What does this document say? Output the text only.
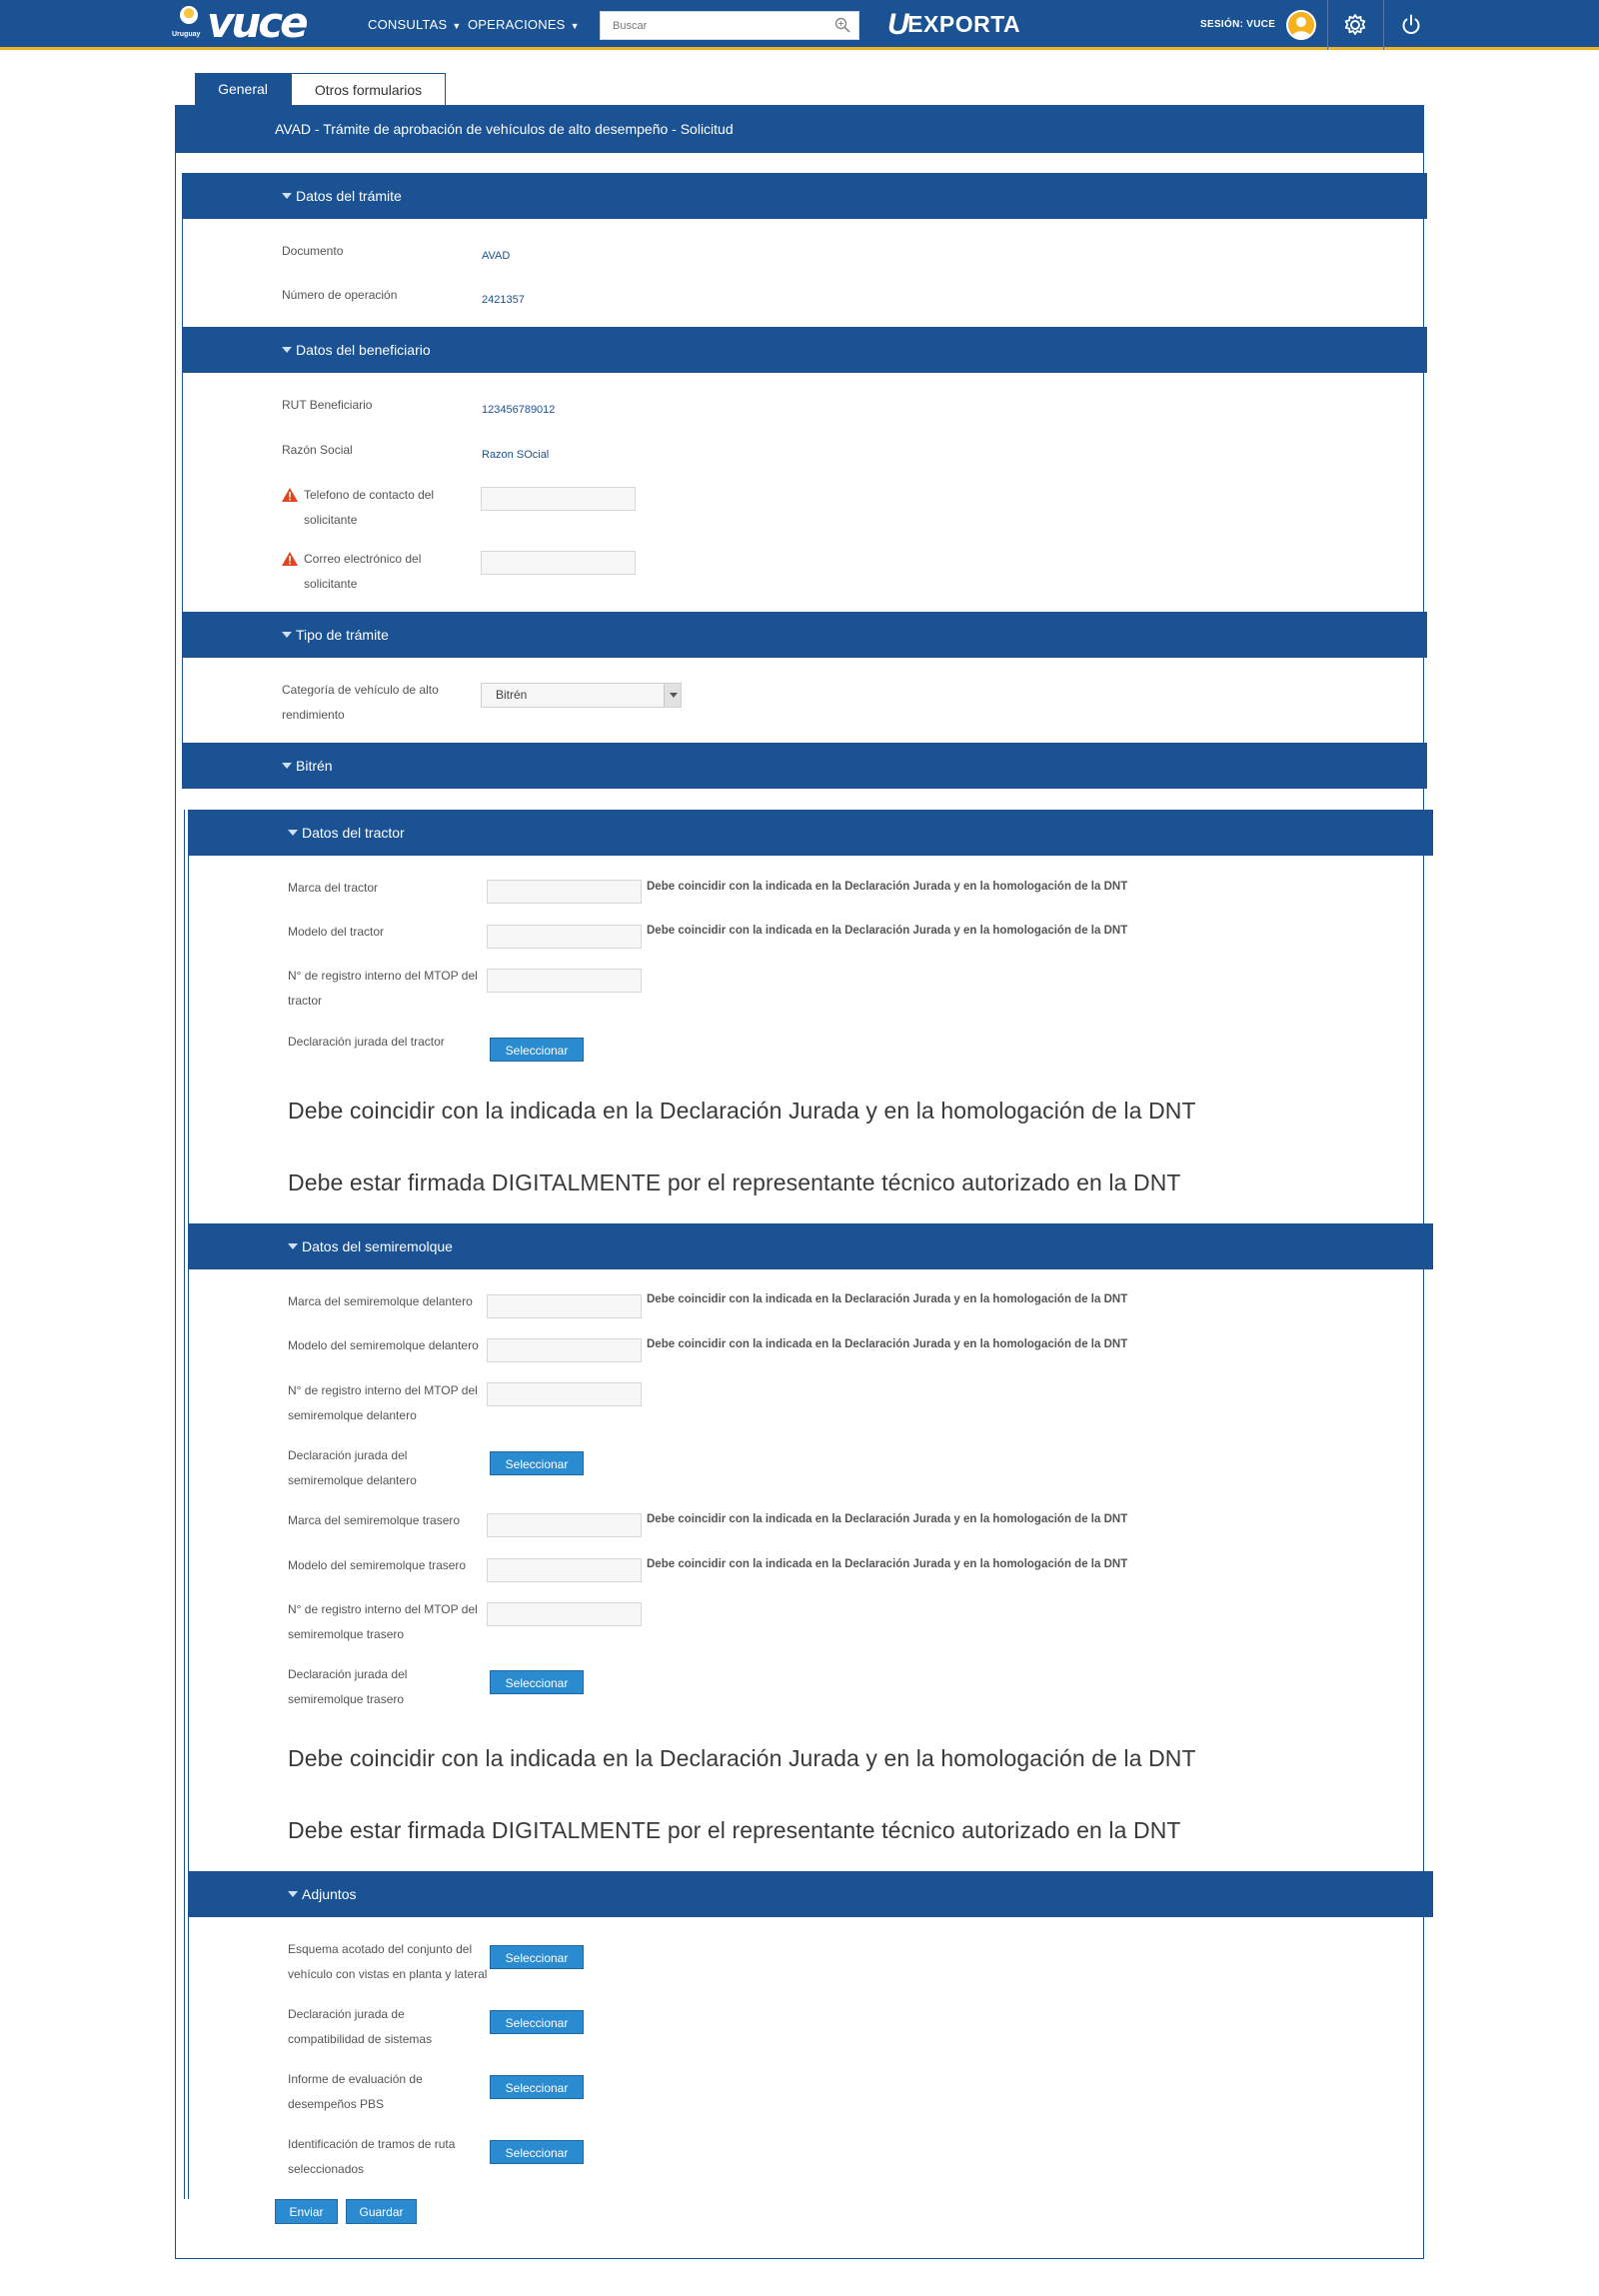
Uruguay vuce	CONSULTAS ▼ OPERACIONES ▼
Buscar	UEXPORTA	SESIÓN: VUCE
General	Otros formularios
AVAD - Trámite de aprobación de vehículos de alto desempeño - Solicitud
Datos del trámite
Documento	AVAD
Número de operación	2421357
Datos del beneficiario
RUT Beneficiario	123456789012
Razón Social	Razon SOcial
Telefono de contacto del
solicitante
Correo electrónico del
solicitante
Tipo de trámite
Categoría de vehículo de alto
rendimiento
Bitrén
Bitrén
Datos del tractor
Marca del tractor	Debe coincidir con la indicada en la Declaración Jurada y en la homologación de la DNT
Modelo del tractor	Debe coincidir con la indicada en la Declaración Jurada y en la homologación de la DNT
N° de registro interno del MTOP del
tractor
Declaración jurada del tractor
Seleccionar
Debe coincidir con la indicada en la Declaración Jurada y en la homologación de la DNT
Debe estar firmada DIGITALMENTE por el representante técnico autorizado en la DNT
Datos del semiremolque
Marca del semiremolque delantero	Debe coincidir con la indicada en la Declaración Jurada y en la homologación de la DNT
Modelo del semiremolque delantero	Debe coincidir con la indicada en la Declaración Jurada y en la homologación de la DNT
N° de registro interno del MTOP del
semiremolque delantero
Declaración jurada del
semiremolque delantero
Seleccionar
Marca del semiremolque trasero	Debe coincidir con la indicada en la Declaración Jurada y en la homologación de la DNT
Modelo del semiremolque trasero	Debe coincidir con la indicada en la Declaración Jurada y en la homologación de la DNT
N° de registro interno del MTOP del
semiremolque trasero
Declaración jurada del
semiremolque trasero
Seleccionar
Debe coincidir con la indicada en la Declaración Jurada y en la homologación de la DNT
Debe estar firmada DIGITALMENTE por el representante técnico autorizado en la DNT
Adjuntos
Esquema acotado del conjunto del
vehículo con vistas en planta y lateral
Seleccionar
Declaración jurada de
compatibilidad de sistemas
Seleccionar
Informe de evaluación de
desempeños PBS
Seleccionar
Identificación de tramos de ruta
seleccionados
Seleccionar
Enviar	Guardar
